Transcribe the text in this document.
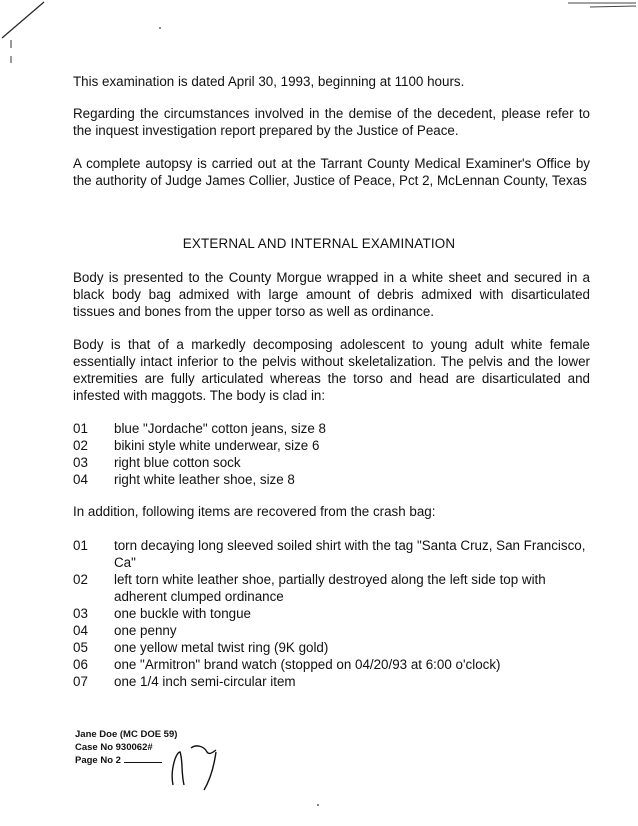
This examination is dated April 30, 1993, beginning at 1100 hours.

Regarding the circumstances involved in the demise of the decedent, please refer to the inquest investigation report prepared by the Justice of Peace.

A complete autopsy is carried out at the Tarrant County Medical Examiner's Office by the authority of Judge James Collier, Justice of Peace, Pct 2, McLennan County, Texas

EXTERNAL AND INTERNAL EXAMINATION

Body is presented to the County Morgue wrapped in a white sheet and secured in a black body bag admixed with large amount of debris admixed with disarticulated tissues and bones from the upper torso as well as ordinance.

Body is that of a markedly decomposing adolescent to young adult white female essentially intact inferior to the pelvis without skeletalization. The pelvis and the lower extremities are fully articulated whereas the torso and head are disarticulated and infested with maggots. The body is clad in:

01	blue "Jordache" cotton jeans, size 8
02	bikini style white underwear, size 6
03	right blue cotton sock
04	right white leather shoe, size 8

In addition, following items are recovered from the crash bag:

01	torn decaying long sleeved soiled shirt with the tag "Santa Cruz, San Francisco, Ca"
02	left torn white leather shoe, partially destroyed along the left side top with adherent clumped ordinance
03	one buckle with tongue
04	one penny
05	one yellow metal twist ring (9K gold)
06	one "Armitron" brand watch (stopped on 04/20/93 at 6:00 o'clock)
07	one 1/4 inch semi-circular item
Jane Doe (MC DOE 59)
Case No 930062#
Page No 2
